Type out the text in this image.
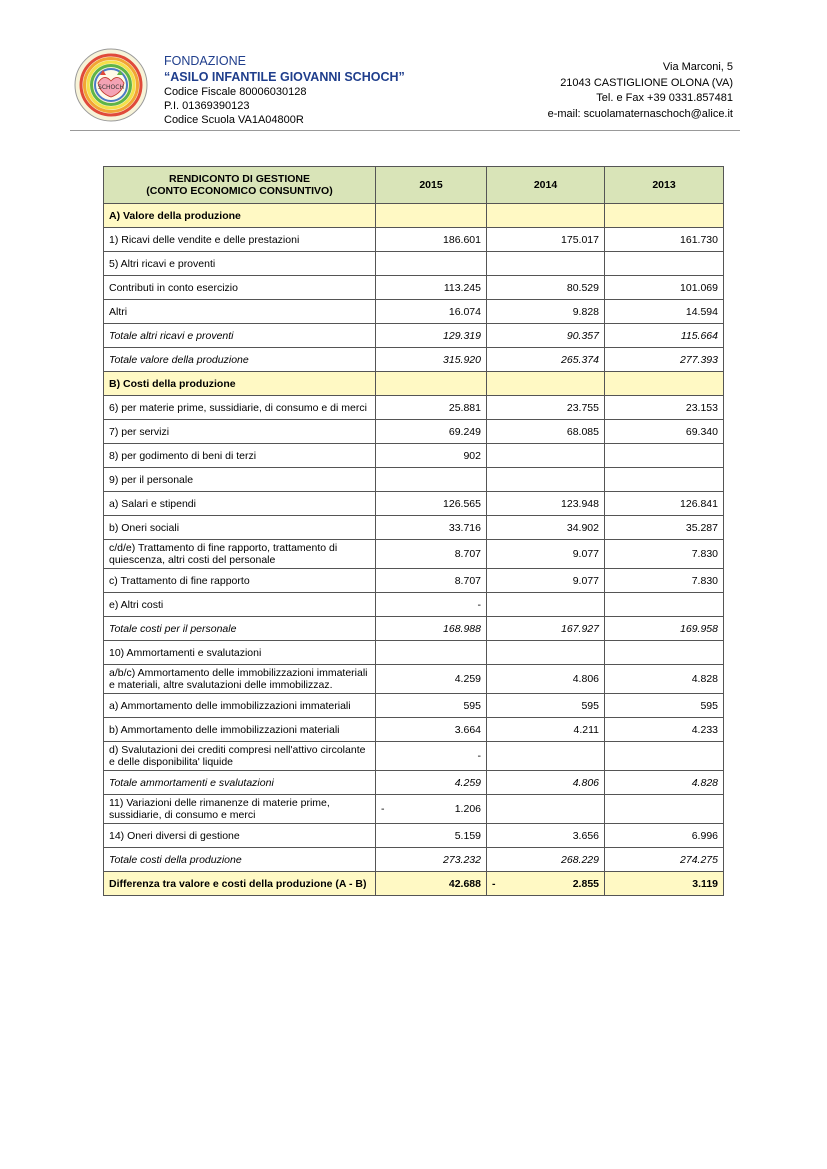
SCHOCH
FONDAZIONE
“ASILO INFANTILE GIOVANNI SCHOCH”
Codice Fiscale 80006030128
P.I. 01369390123
Codice Scuola VA1A04800R
Via Marconi, 5
21043 CASTIGLIONE OLONA (VA)
Tel. e Fax +39 0331.857481
e-mail: scuolamaternaschoch@alice.it
RENDICONTO DI GESTIONE
(CONTO ECONOMICO CONSUNTIVO)	2015	2014	2013
A) Valore della produzione			
1) Ricavi delle vendite e delle prestazioni	186.601	175.017	161.730
5) Altri ricavi e proventi			
Contributi in conto esercizio	113.245	80.529	101.069
Altri	16.074	9.828	14.594
Totale altri ricavi e proventi	129.319	90.357	115.664
Totale valore della produzione	315.920	265.374	277.393
B) Costi della produzione			
6) per materie prime, sussidiarie, di consumo e di merci	25.881	23.755	23.153
7) per servizi	69.249	68.085	69.340
8) per godimento di beni di terzi	902		
9) per il personale			
a) Salari e stipendi	126.565	123.948	126.841
b) Oneri sociali	33.716	34.902	35.287
c/d/e) Trattamento di fine rapporto, trattamento di quiescenza, altri costi del personale	8.707	9.077	7.830
c) Trattamento di fine rapporto	8.707	9.077	7.830
e) Altri costi	-		
Totale costi per il personale	168.988	167.927	169.958
10) Ammortamenti e svalutazioni			
a/b/c) Ammortamento delle immobilizzazioni immateriali e materiali, altre svalutazioni delle immobilizzaz.	4.259	4.806	4.828
a) Ammortamento delle immobilizzazioni immateriali	595	595	595
b) Ammortamento delle immobilizzazioni materiali	3.664	4.211	4.233
d) Svalutazioni dei crediti compresi nell'attivo circolante e delle disponibilita' liquide	-		
Totale ammortamenti e svalutazioni	4.259	4.806	4.828
11) Variazioni delle rimanenze di materie prime, sussidiarie, di consumo e merci	- 1.206		

14) Oneri diversi di gestione	5.159	3.656	6.996
Totale costi della produzione	273.232	268.229	274.275
Differenza tra valore e costi della produzione (A - B)	42.688	- 2.855	3.119
